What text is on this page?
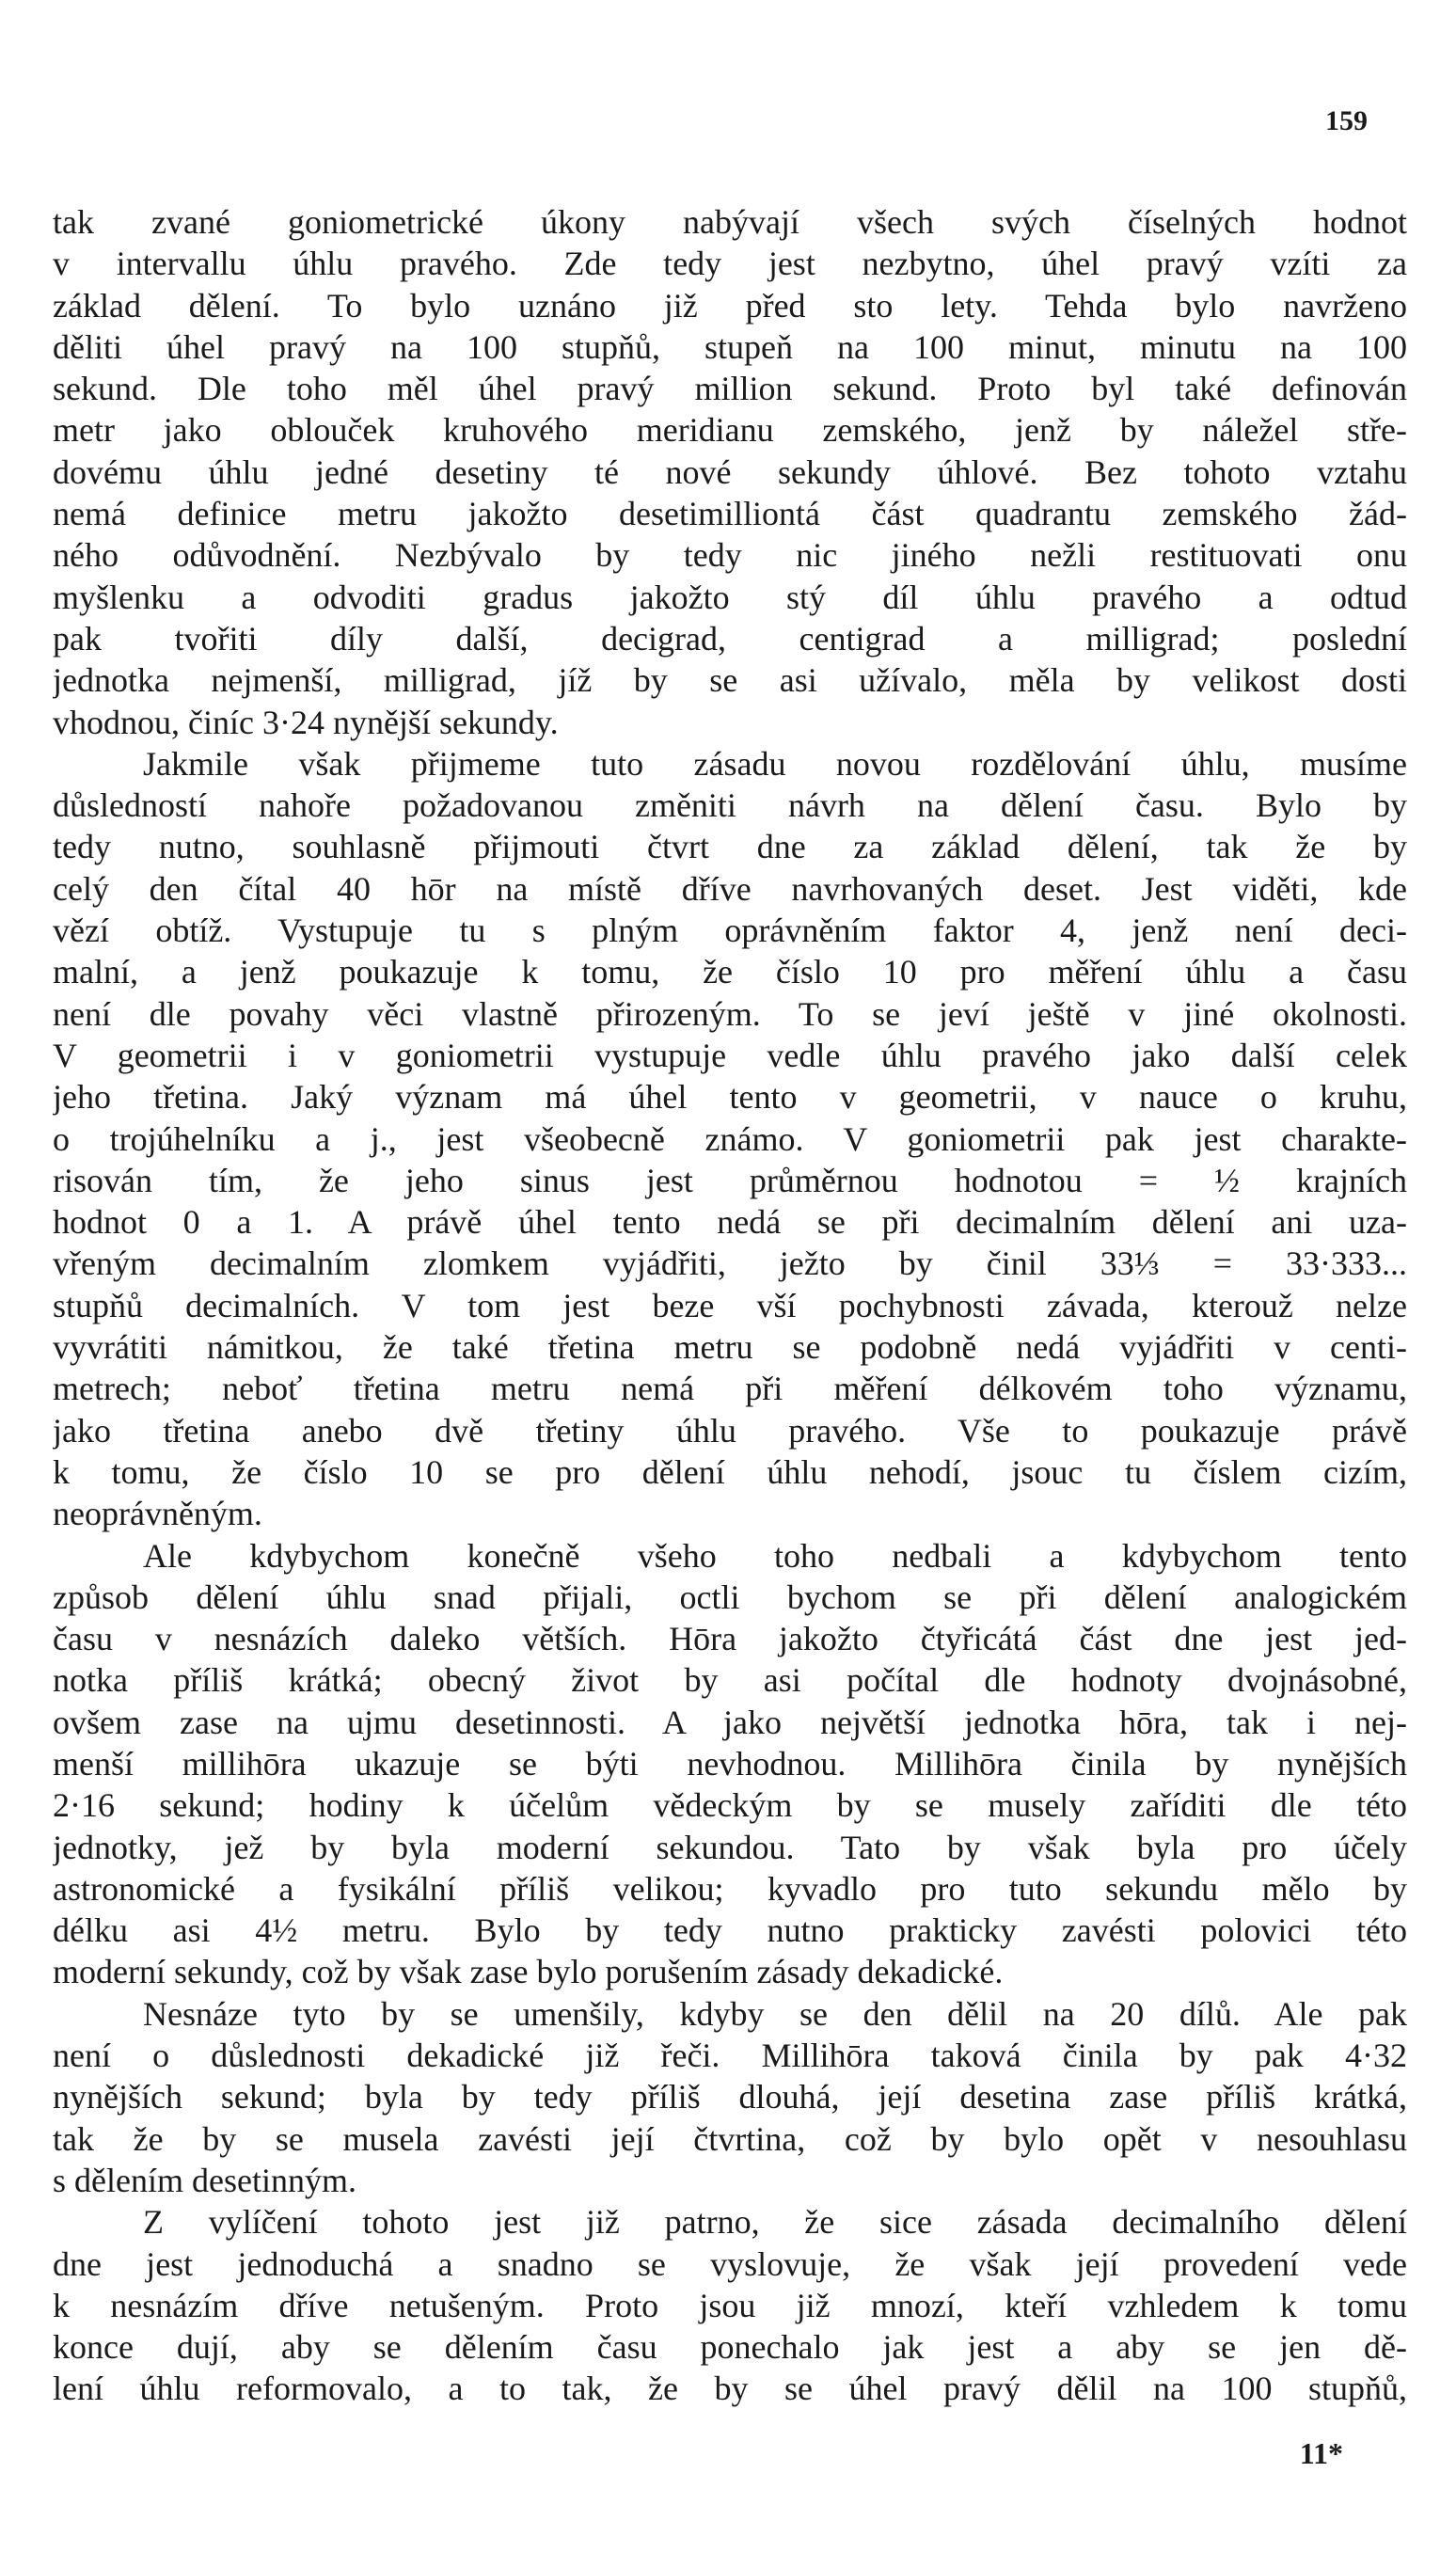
159
tak zvané goniometrické úkony nabývají všech svých číselných hodnot
v intervallu úhlu pravého. Zde tedy jest nezbytno, úhel pravý vzíti za
základ dělení. To bylo uznáno již před sto lety. Tehda bylo navrženo
děliti úhel pravý na 100 stupňů, stupeň na 100 minut, minutu na 100
sekund. Dle toho měl úhel pravý million sekund. Proto byl také definován
metr jako oblouček kruhového meridianu zemského, jenž by náležel stře-
dovému úhlu jedné desetiny té nové sekundy úhlové. Bez tohoto vztahu
nemá definice metru jakožto desetimilliontá část quadrantu zemského žád-
ného odůvodnění. Nezbývalo by tedy nic jiného nežli restituovati onu
myšlenku a odvoditi gradus jakožto stý díl úhlu pravého a odtud
pak tvořiti díly další, decigrad, centigrad a milligrad; poslední
jednotka nejmenší, milligrad, jíž by se asi užívalo, měla by velikost dosti
vhodnou, činíc 3·24 nynější sekundy.
Jakmile však přijmeme tuto zásadu novou rozdělování úhlu, musíme
důsledností nahoře požadovanou změniti návrh na dělení času. Bylo by
tedy nutno, souhlasně přijmouti čtvrt dne za základ dělení, tak že by
celý den čítal 40 hōr na místě dříve navrhovaných deset. Jest viděti, kde
vězí obtíž. Vystupuje tu s plným oprávněním faktor 4, jenž není deci-
malní, a jenž poukazuje k tomu, že číslo 10 pro měření úhlu a času
není dle povahy věci vlastně přirozeným. To se jeví ještě v jiné okolnosti.
V geometrii i v goniometrii vystupuje vedle úhlu pravého jako další celek
jeho třetina. Jaký význam má úhel tento v geometrii, v nauce o kruhu,
o trojúhelníku a j., jest všeobecně známo. V goniometrii pak jest charakte-
risován tím, že jeho sinus jest průměrnou hodnotou = ½ krajních
hodnot 0 a 1. A právě úhel tento nedá se při decimalním dělení ani uza-
vřeným decimalním zlomkem vyjádřiti, ježto by činil 33⅓ = 33·333...
stupňů decimalních. V tom jest beze vší pochybnosti závada, kterouž nelze
vyvrátiti námitkou, že také třetina metru se podobně nedá vyjádřiti v centi-
metrech; neboť třetina metru nemá při měření délkovém toho významu,
jako třetina anebo dvě třetiny úhlu pravého. Vše to poukazuje právě
k tomu, že číslo 10 se pro dělení úhlu nehodí, jsouc tu číslem cizím,
neoprávněným.
Ale kdybychom konečně všeho toho nedbali a kdybychom tento
způsob dělení úhlu snad přijali, octli bychom se při dělení analogickém
času v nesnázích daleko větších. Hōra jakožto čtyřicátá část dne jest jed-
notka příliš krátká; obecný život by asi počítal dle hodnoty dvojnásobné,
ovšem zase na ujmu desetinnosti. A jako největší jednotka hōra, tak i nej-
menší millihōra ukazuje se býti nevhodnou. Millihōra činila by nynějších
2·16 sekund; hodiny k účelům vědeckým by se musely zaříditi dle této
jednotky, jež by byla moderní sekundou. Tato by však byla pro účely
astronomické a fysikální příliš velikou; kyvadlo pro tuto sekundu mělo by
délku asi 4½ metru. Bylo by tedy nutno prakticky zavésti polovici této
moderní sekundy, což by však zase bylo porušením zásady dekadické.
Nesnáze tyto by se umenšily, kdyby se den dělil na 20 dílů. Ale pak
není o důslednosti dekadické již řeči. Millihōra taková činila by pak 4·32
nynějších sekund; byla by tedy příliš dlouhá, její desetina zase příliš krátká,
tak že by se musela zavésti její čtvrtina, což by bylo opět v nesouhlasu
s dělením desetinným.
Z vylíčení tohoto jest již patrno, že sice zásada decimalního dělení
dne jest jednoduchá a snadno se vyslovuje, že však její provedení vede
k nesnázím dříve netušeným. Proto jsou již mnozí, kteří vzhledem k tomu
konce dují, aby se dělením času ponechalo jak jest a aby se jen dě-
lení úhlu reformovalo, a to tak, že by se úhel pravý dělil na 100 stupňů,
11*
